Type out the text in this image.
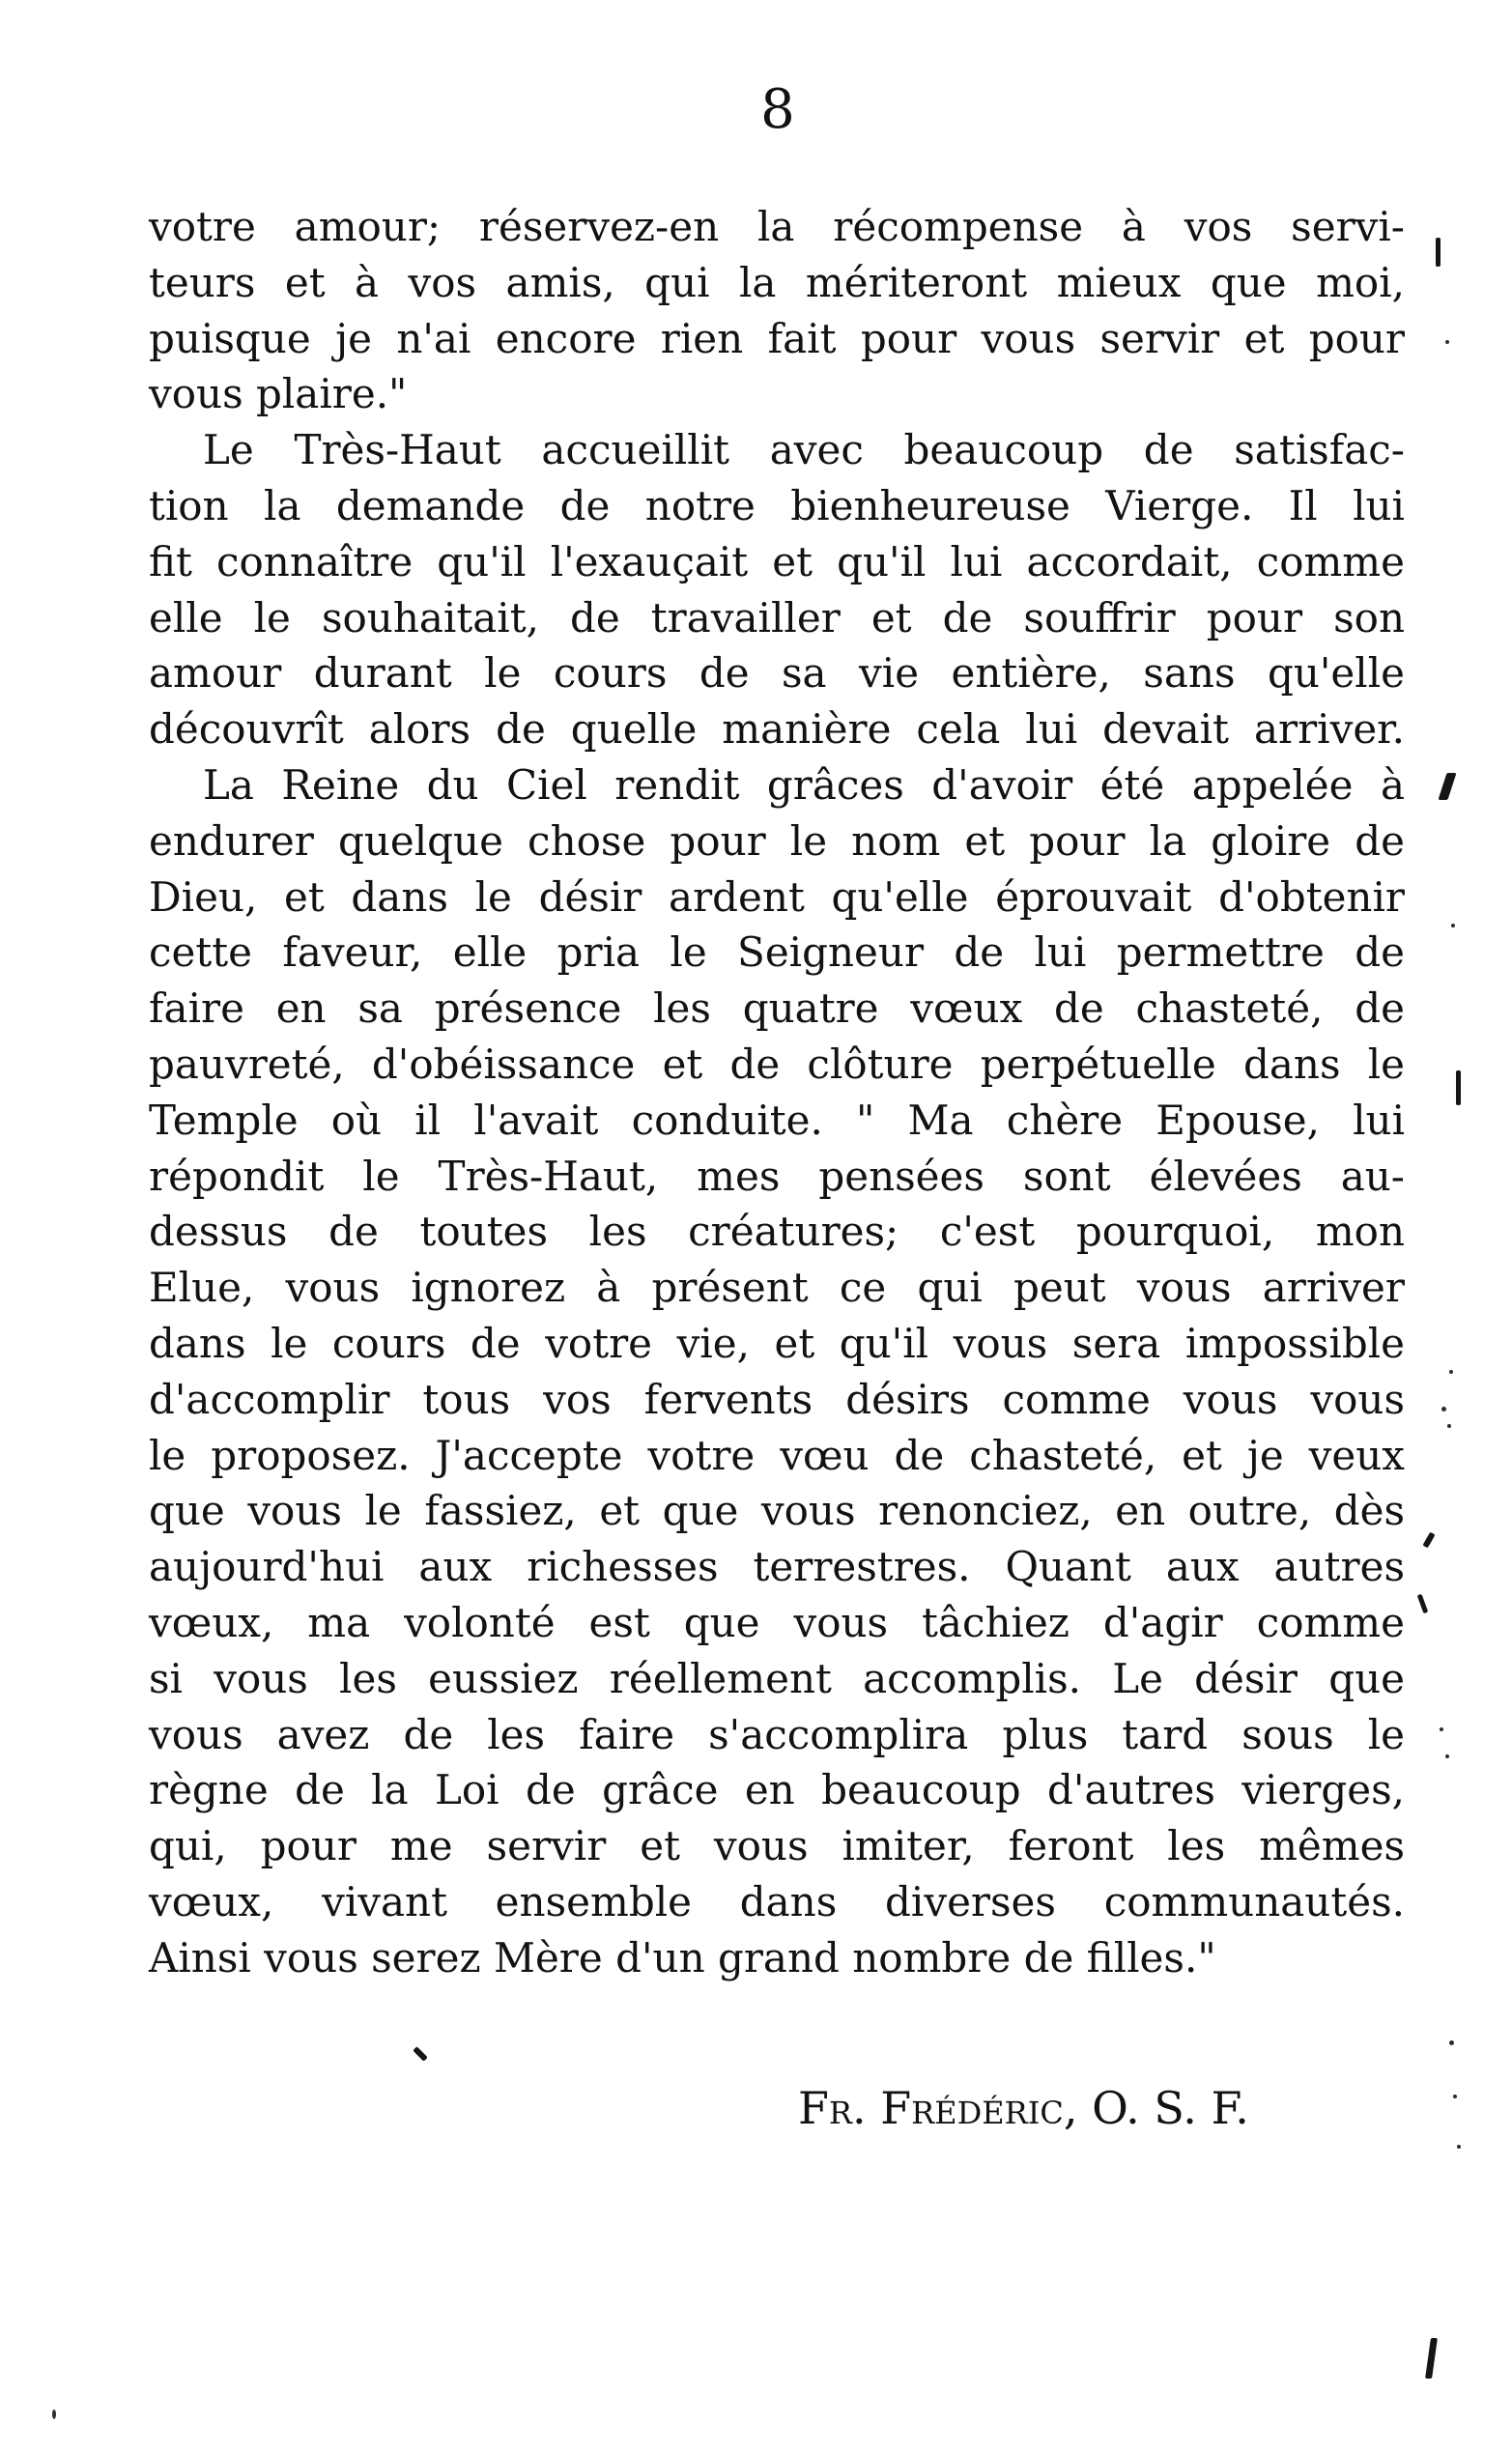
8
votre amour; réservez-en la récompense à vos servi-
teurs et à vos amis, qui la mériteront mieux que moi,
puisque je n'ai encore rien fait pour vous servir et pour
vous plaire."
Le Très-Haut accueillit avec beaucoup de satisfac-
tion la demande de notre bienheureuse Vierge. Il lui
fit connaître qu'il l'exauçait et qu'il lui accordait, comme
elle le souhaitait, de travailler et de souffrir pour son
amour durant le cours de sa vie entière, sans qu'elle
découvrît alors de quelle manière cela lui devait arriver.
La Reine du Ciel rendit grâces d'avoir été appelée à
endurer quelque chose pour le nom et pour la gloire de
Dieu, et dans le désir ardent qu'elle éprouvait d'obtenir
cette faveur, elle pria le Seigneur de lui permettre de
faire en sa présence les quatre vœux de chasteté, de
pauvreté, d'obéissance et de clôture perpétuelle dans le
Temple où il l'avait conduite. " Ma chère Epouse, lui
répondit le Très-Haut, mes pensées sont élevées au-
dessus de toutes les créatures; c'est pourquoi, mon
Elue, vous ignorez à présent ce qui peut vous arriver
dans le cours de votre vie, et qu'il vous sera impossible
d'accomplir tous vos fervents désirs comme vous vous
le proposez. J'accepte votre vœu de chasteté, et je veux
que vous le fassiez, et que vous renonciez, en outre, dès
aujourd'hui aux richesses terrestres. Quant aux autres
vœux, ma volonté est que vous tâchiez d'agir comme
si vous les eussiez réellement accomplis. Le désir que
vous avez de les faire s'accomplira plus tard sous le
règne de la Loi de grâce en beaucoup d'autres vierges,
qui, pour me servir et vous imiter, feront les mêmes
vœux, vivant ensemble dans diverses communautés.
Ainsi vous serez Mère d'un grand nombre de filles."
Fr. Frédéric, O. S. F.
